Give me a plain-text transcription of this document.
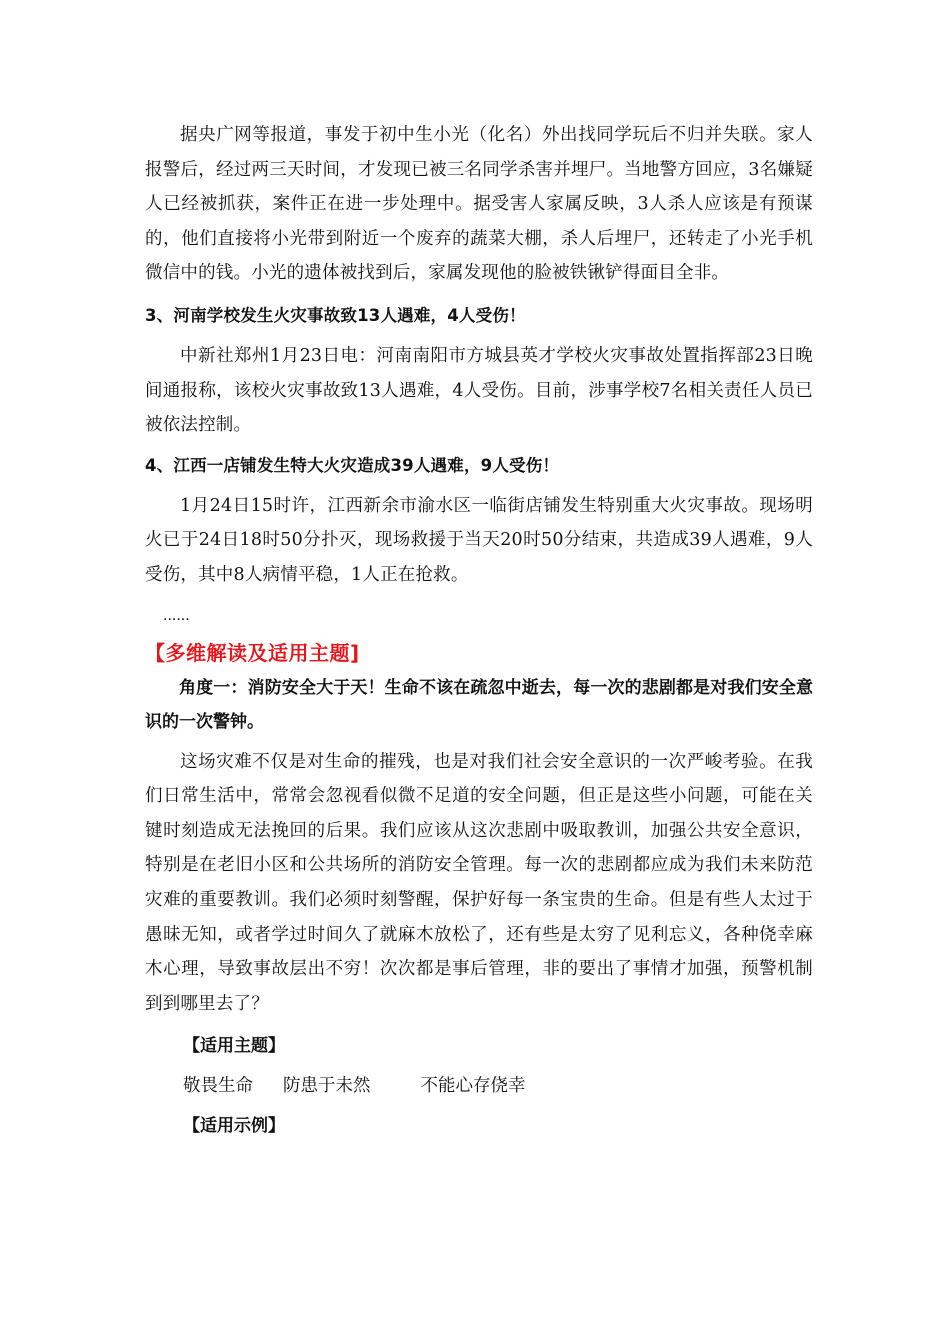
据央广网等报道，事发于初中生小光（化名）外出找同学玩后不归并失联。家人报警后，经过两三天时间，才发现已被三名同学杀害并埋尸。当地警方回应，3名嫌疑人已经被抓获，案件正在进一步处理中。据受害人家属反映，3人杀人应该是有预谋的，他们直接将小光带到附近一个废弃的蔬菜大棚，杀人后埋尸，还转走了小光手机微信中的钱。小光的遗体被找到后，家属发现他的脸被铁锹铲得面目全非。

3、河南学校发生火灾事故致13人遇难，4人受伤！

中新社郑州1月23日电：河南南阳市方城县英才学校火灾事故处置指挥部23日晚间通报称，该校火灾事故致13人遇难，4人受伤。目前，涉事学校7名相关责任人员已被依法控制。

4、江西一店铺发生特大火灾造成39人遇难，9人受伤！

1月24日15时许，江西新余市渝水区一临街店铺发生特别重大火灾事故。现场明火已于24日18时50分扑灭，现场救援于当天20时50分结束，共造成39人遇难，9人受伤，其中8人病情平稳，1人正在抢救。

......

【多维解读及适用主题]

角度一：消防安全大于天！生命不该在疏忽中逝去，每一次的悲剧都是对我们安全意识的一次警钟。

这场灾难不仅是对生命的摧残，也是对我们社会安全意识的一次严峻考验。在我们日常生活中，常常会忽视看似微不足道的安全问题，但正是这些小问题，可能在关键时刻造成无法挽回的后果。我们应该从这次悲剧中吸取教训，加强公共安全意识，特别是在老旧小区和公共场所的消防安全管理。每一次的悲剧都应成为我们未来防范灾难的重要教训。我们必须时刻警醒，保护好每一条宝贵的生命。但是有些人太过于愚昧无知，或者学过时间久了就麻木放松了，还有些是太穷了见利忘义，各种侥幸麻木心理，导致事故层出不穷！次次都是事后管理，非的要出了事情才加强，预警机制到到哪里去了？

【适用主题】

敬畏生命 防患于未然	不能心存侥幸

【适用示例】
